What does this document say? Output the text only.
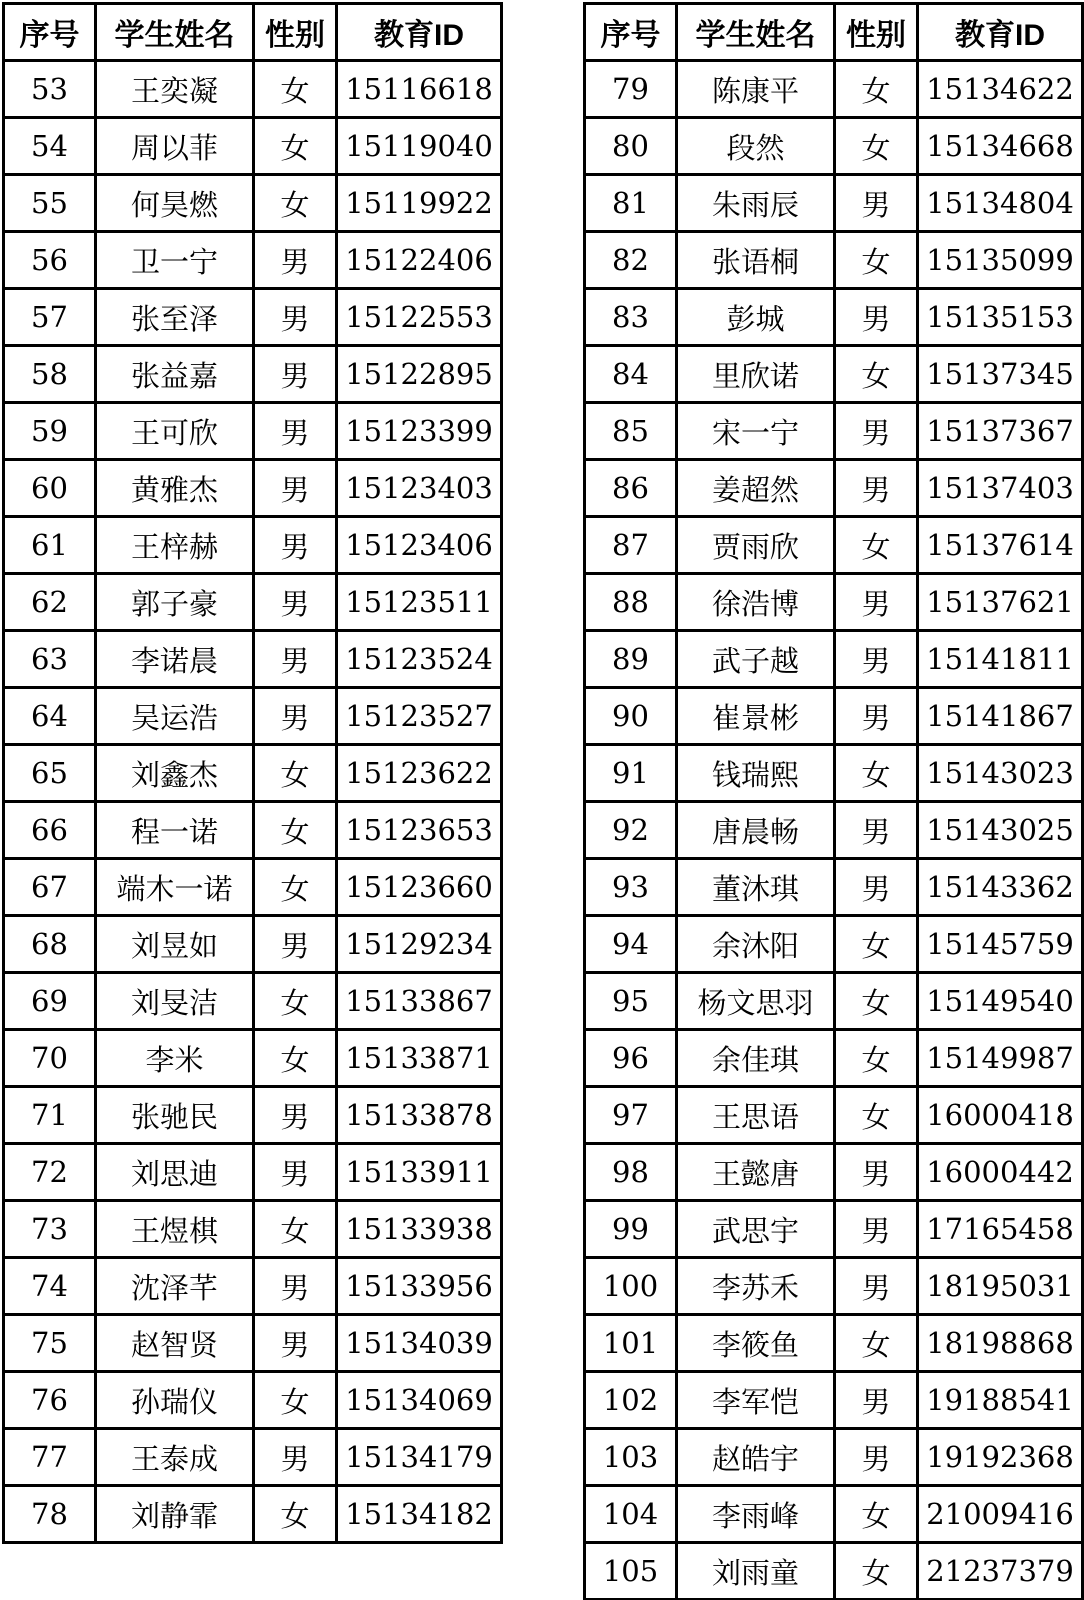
序号	学生姓名	性别	教育ID
53	王奕凝	女	15116618
54	周以菲	女	15119040
55	何昊燃	女	15119922
56	卫一宁	男	15122406
57	张至泽	男	15122553
58	张益嘉	男	15122895
59	王可欣	男	15123399
60	黄雅杰	男	15123403
61	王梓赫	男	15123406
62	郭子豪	男	15123511
63	李诺晨	男	15123524
64	吴运浩	男	15123527
65	刘鑫杰	女	15123622
66	程一诺	女	15123653
67	端木一诺	女	15123660
68	刘昱如	男	15129234
69	刘旻洁	女	15133867
70	李米	女	15133871
71	张驰民	男	15133878
72	刘思迪	男	15133911
73	王煜棋	女	15133938
74	沈泽芊	男	15133956
75	赵智贤	男	15134039
76	孙瑞仪	女	15134069
77	王泰成	男	15134179
78	刘静霏	女	15134182
序号	学生姓名	性别	教育ID
79	陈康平	女	15134622
80	段然	女	15134668
81	朱雨辰	男	15134804
82	张语桐	女	15135099
83	彭城	男	15135153
84	里欣诺	女	15137345
85	宋一宁	男	15137367
86	姜超然	男	15137403
87	贾雨欣	女	15137614
88	徐浩博	男	15137621
89	武子越	男	15141811
90	崔景彬	男	15141867
91	钱瑞熙	女	15143023
92	唐晨畅	男	15143025
93	董沐琪	男	15143362
94	余沐阳	女	15145759
95	杨文思羽	女	15149540
96	余佳琪	女	15149987
97	王思语	女	16000418
98	王懿唐	男	16000442
99	武思宇	男	17165458
100	李苏禾	男	18195031
101	李筱鱼	女	18198868
102	李军恺	男	19188541
103	赵皓宇	男	19192368
104	李雨峰	女	21009416
105	刘雨童	女	21237379
